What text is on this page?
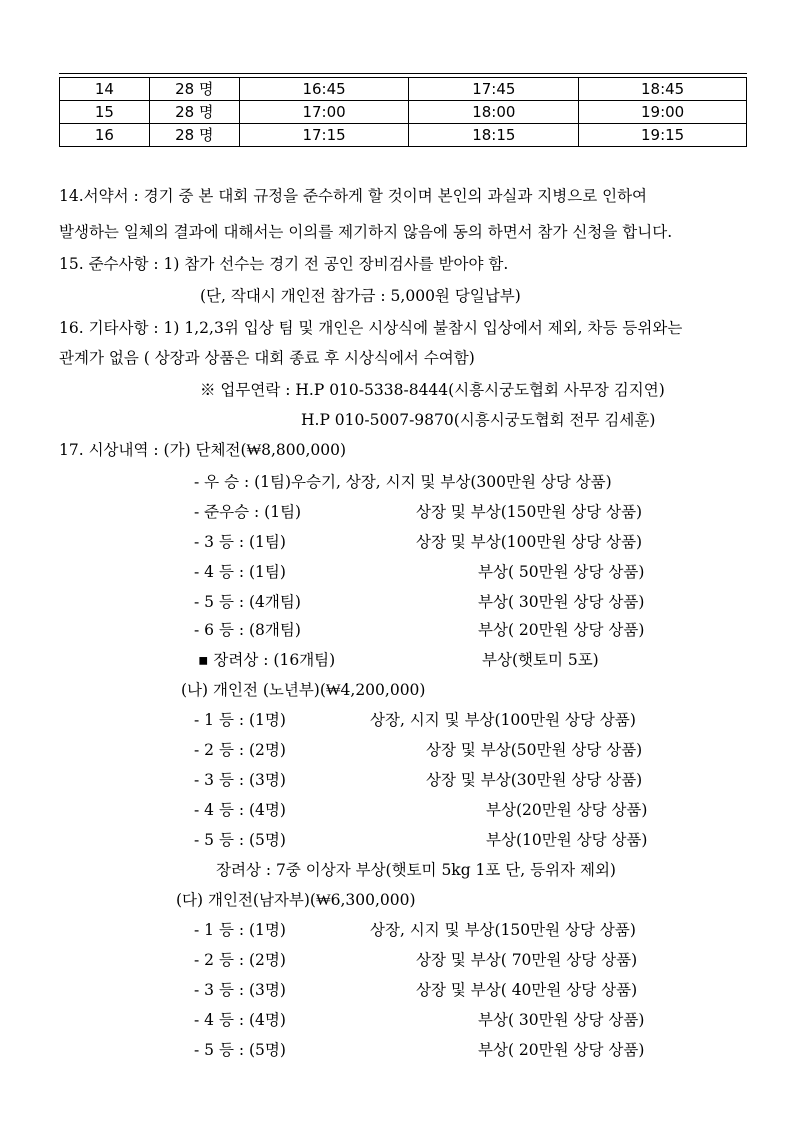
14	28 명	16:45	17:45	18:45
15	28 명	17:00	18:00	19:00
16	28 명	17:15	18:15	19:15
14.서약서 : 경기 중 본 대회 규정을 준수하게 할 것이며 본인의 과실과 지병으로 인하여
발생하는 일체의 결과에 대해서는 이의를 제기하지 않음에 동의 하면서 참가 신청을 합니다.
15. 준수사항 : 1) 참가 선수는 경기 전 공인 장비검사를 받아야 함.
(단, 작대시 개인전 참가금 : 5,000원 당일납부)
16. 기타사항 : 1) 1,2,3위 입상 팀 및 개인은 시상식에 불참시 입상에서 제외, 차등 등위와는
관계가 없음 ( 상장과 상품은 대회 종료 후 시상식에서 수여함)
※ 업무연락 : H.P 010-5338-8444(시흥시궁도협회 사무장 김지연)
H.P 010-5007-9870(시흥시궁도협회 전무 김세훈)
17. 시상내역 : (가) 단체전(₩8,800,000)
- 우 승 : (1팀)우승기, 상장, 시지 및 부상(300만원 상당 상품)
- 준우승 : (1팀)	상장 및 부상(150만원 상당 상품)
- 3 등 : (1팀)	상장 및 부상(100만원 상당 상품)
- 4 등 : (1팀)	부상( 50만원 상당 상품)
- 5 등 : (4개팀)	부상( 30만원 상당 상품)
- 6 등 : (8개팀)	부상( 20만원 상당 상품)
▪ 장려상 : (16개팀)	부상(햇토미 5포)
(나) 개인전 (노년부)(₩4,200,000)
- 1 등 : (1명)	상장, 시지 및 부상(100만원 상당 상품)
- 2 등 : (2명)	상장 및 부상(50만원 상당 상품)
- 3 등 : (3명)	상장 및 부상(30만원 상당 상품)
- 4 등 : (4명)	부상(20만원 상당 상품)
- 5 등 : (5명)	부상(10만원 상당 상품)
장려상 : 7중 이상자 부상(햇토미 5kg 1포 단, 등위자 제외)
(다) 개인전(남자부)(₩6,300,000)
- 1 등 : (1명)	상장, 시지 및 부상(150만원 상당 상품)
- 2 등 : (2명)	상장 및 부상( 70만원 상당 상품)
- 3 등 : (3명)	상장 및 부상( 40만원 상당 상품)
- 4 등 : (4명)	부상( 30만원 상당 상품)
- 5 등 : (5명)	부상( 20만원 상당 상품)
